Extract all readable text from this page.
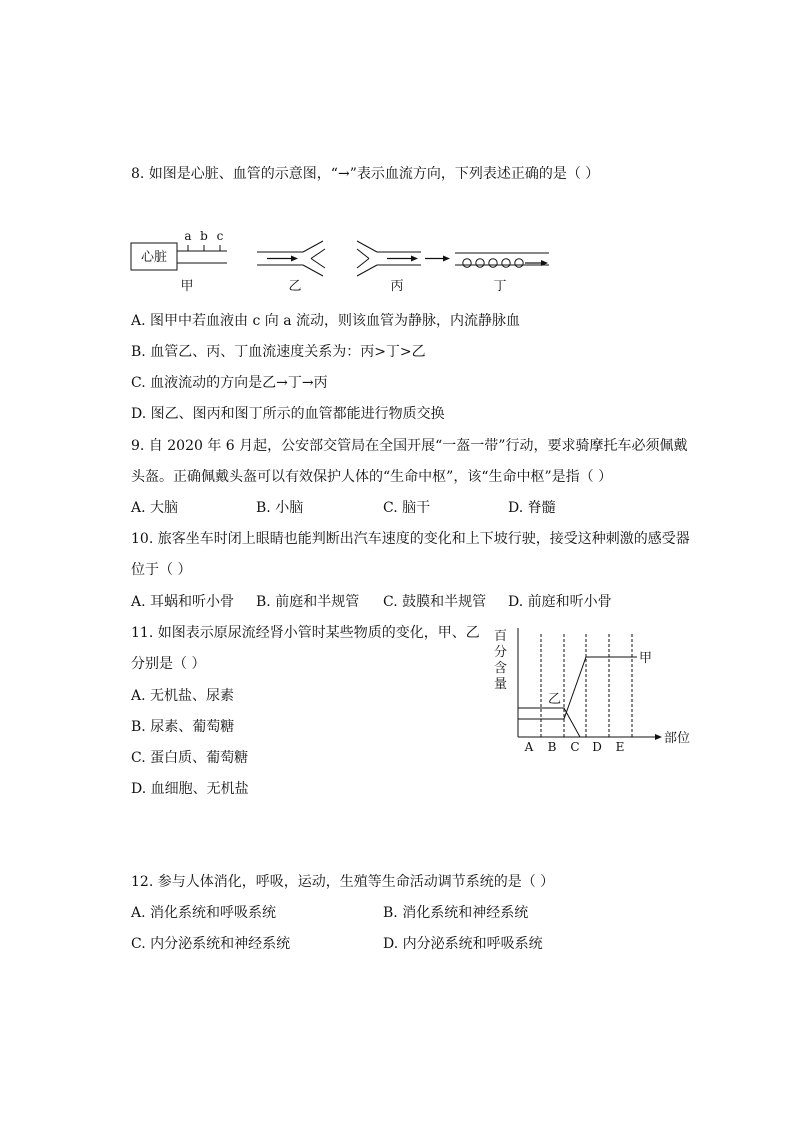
8. 如图是心脏、血管的示意图，“→”表示血流方向，下列表述正确的是（ ）
心脏
a b c
甲	乙	丙	丁
A. 图甲中若血液由 c 向 a 流动，则该血管为静脉，内流静脉血
B. 血管乙、丙、丁血流速度关系为：丙>丁>乙
C. 血液流动的方向是乙→丁→丙
D. 图乙、图丙和图丁所示的血管都能进行物质交换
9. 自 2020 年 6 月起，公安部交管局在全国开展“一盔一带”行动，要求骑摩托车必须佩戴
头盔。正确佩戴头盔可以有效保护人体的“生命中枢”，该“生命中枢”是指（ ）
A. 大脑	B. 小脑	C. 脑干	D. 脊髓
10. 旅客坐车时闭上眼睛也能判断出汽车速度的变化和上下坡行驶，接受这种刺激的感受器
位于（ ）
A. 耳蜗和听小骨 B. 前庭和半规管 C. 鼓膜和半规管 D. 前庭和听小骨
11. 如图表示原尿流经肾小管时某些物质的变化，甲、乙
分别是（ ）
A. 无机盐、尿素
B. 尿素、葡萄糖
C. 蛋白质、葡萄糖
D. 血细胞、无机盐
百
分
含
量
部位
甲
乙
A B C D E
12. 参与人体消化，呼吸，运动，生殖等生命活动调节系统的是（ ）
A. 消化系统和呼吸系统	B. 消化系统和神经系统
C. 内分泌系统和神经系统	D. 内分泌系统和呼吸系统
